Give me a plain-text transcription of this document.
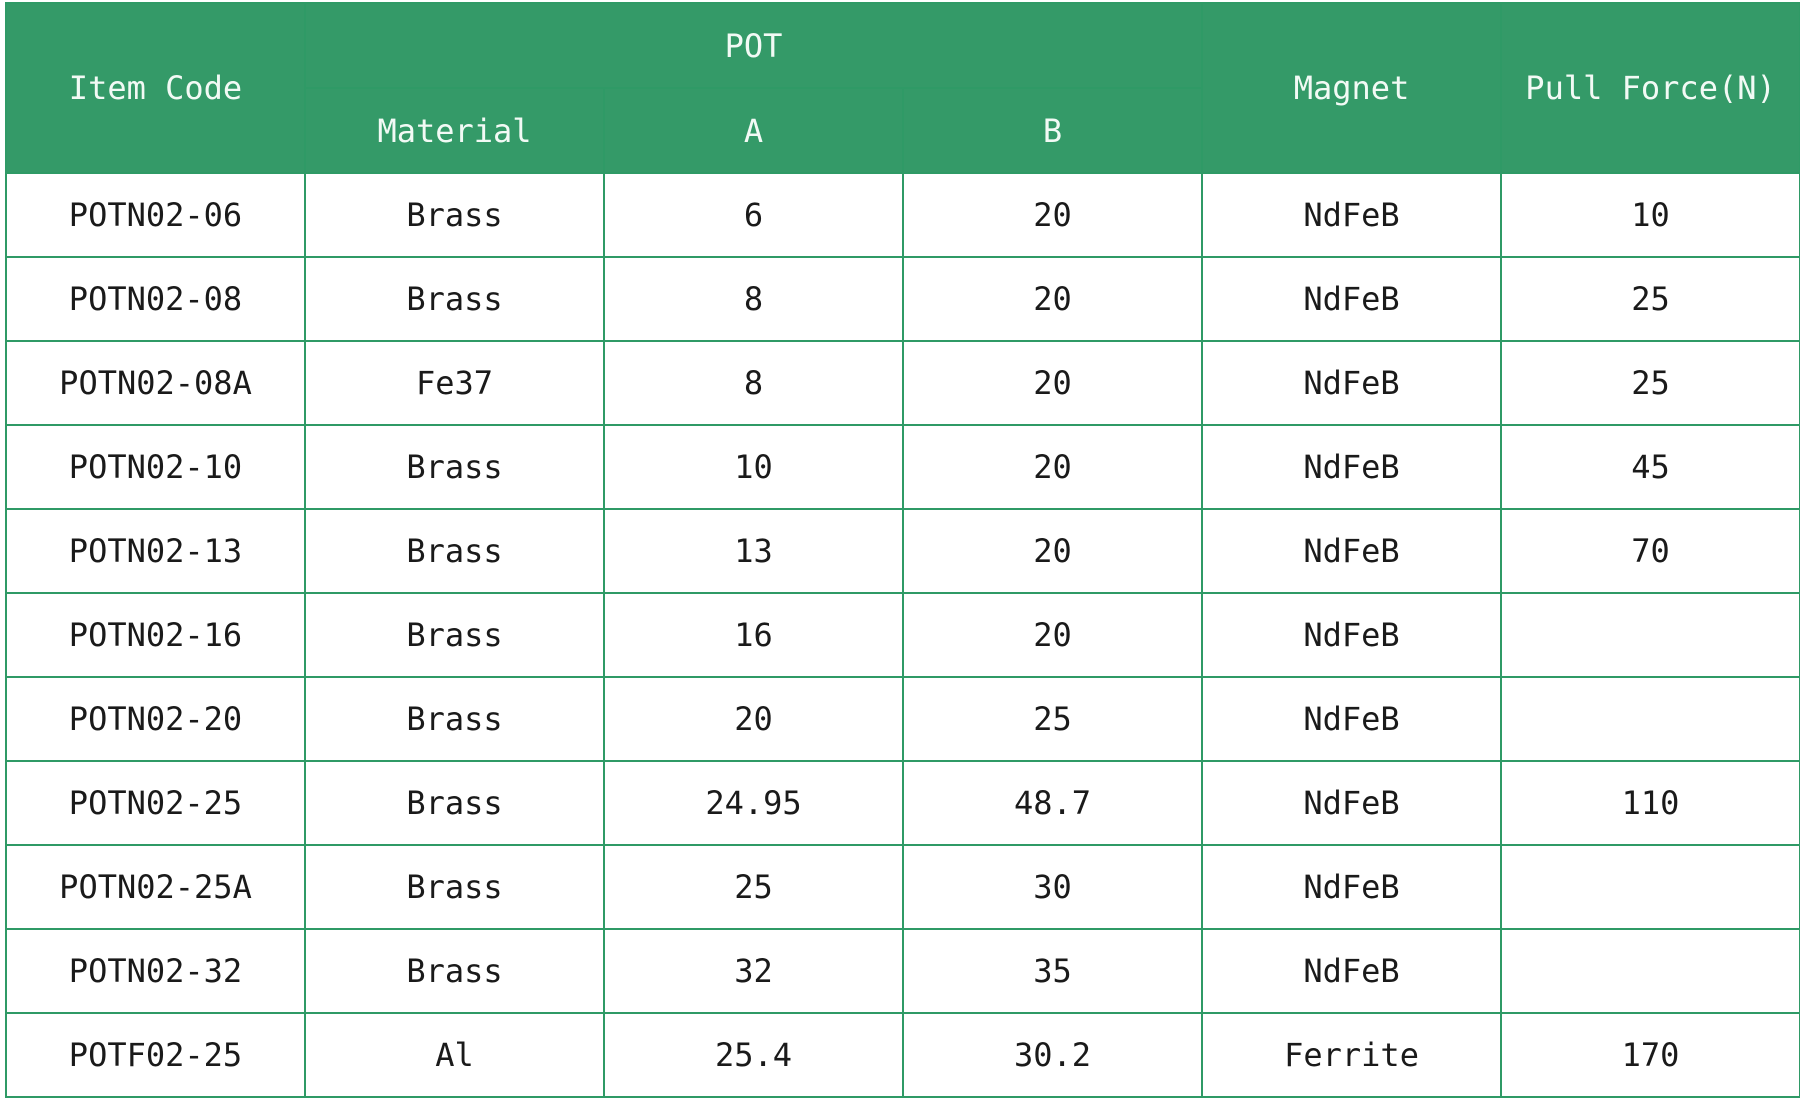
Item Code	POT			Magnet	Pull Force(N)
	Material	A	B		
POTN02-06	Brass	6	20	NdFeB	10
POTN02-08	Brass	8	20	NdFeB	25
POTN02-08A	Fe37	8	20	NdFeB	25
POTN02-10	Brass	10	20	NdFeB	45
POTN02-13	Brass	13	20	NdFeB	70
POTN02-16	Brass	16	20	NdFeB	
POTN02-20	Brass	20	25	NdFeB	
POTN02-25	Brass	24.95	48.7	NdFeB	110
POTN02-25A	Brass	25	30	NdFeB	
POTN02-32	Brass	32	35	NdFeB	
POTF02-25	Al	25.4	30.2	Ferrite	170
